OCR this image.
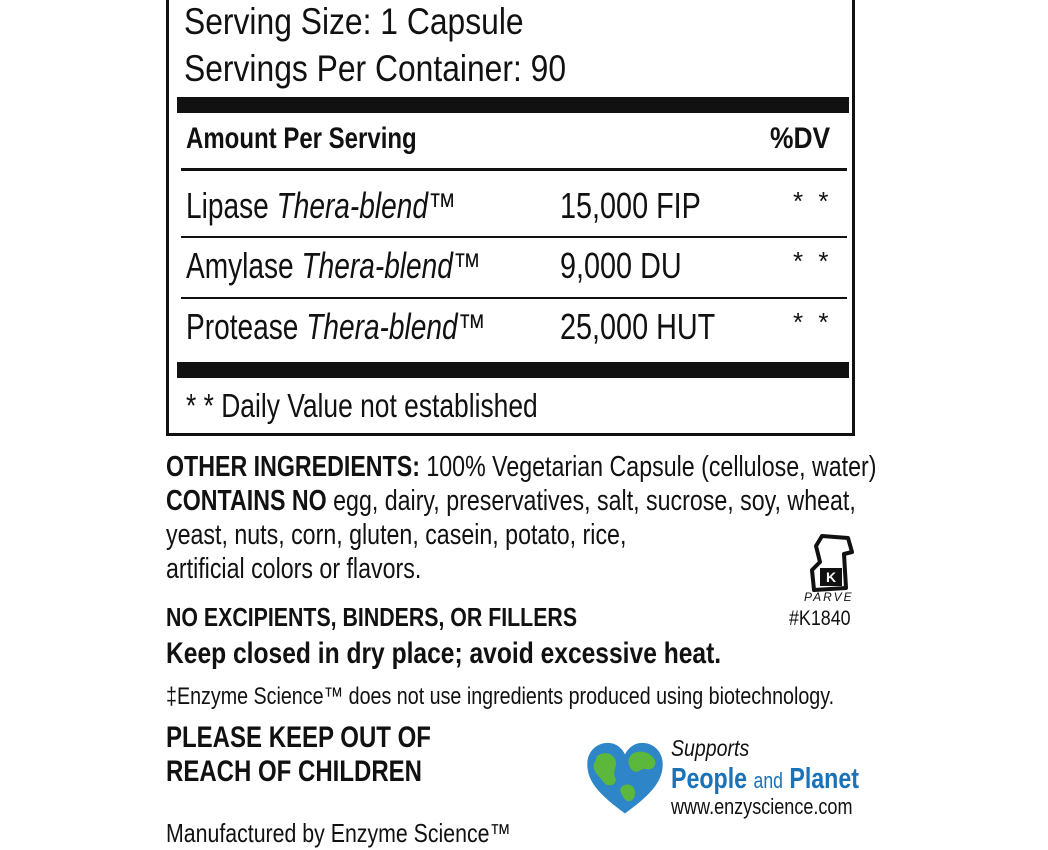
Serving Size: 1 Capsule
Servings Per Container: 90
Amount Per Serving	%DV
Lipase Thera-blend™	15,000 FIP	* *
Amylase Thera-blend™	9,000 DU	* *
Protease Thera-blend™	25,000 HUT	* *
* * Daily Value not established
OTHER INGREDIENTS: 100% Vegetarian Capsule (cellulose, water)
CONTAINS NO egg, dairy, preservatives, salt, sucrose, soy, wheat,
yeast, nuts, corn, gluten, casein, potato, rice,
artificial colors or flavors.	K
PARVE
#K1840
NO EXCIPIENTS, BINDERS, OR FILLERS
Keep closed in dry place; avoid excessive heat.
‡Enzyme Science™ does not use ingredients produced using biotechnology.
PLEASE KEEP OUT OF
REACH OF CHILDREN
Manufactured by Enzyme Science™
Supports
People and Planet
www.enzyscience.com
